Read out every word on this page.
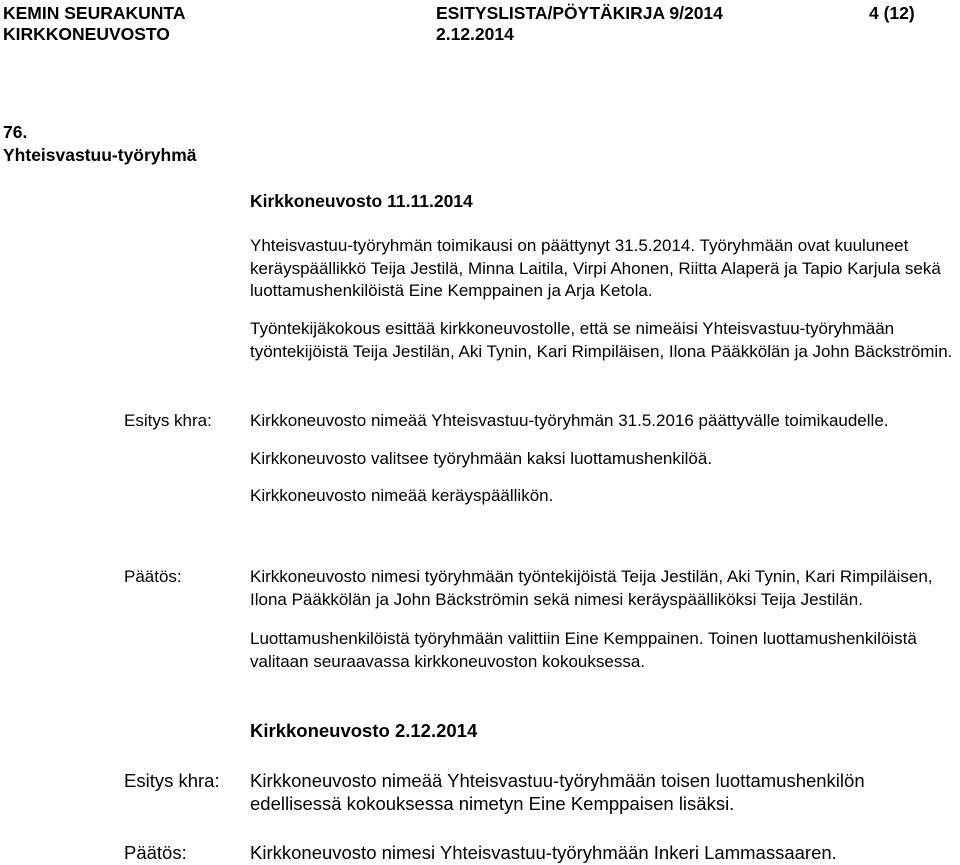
KEMIN SEURAKUNTA
KIRKKONEUVOSTO
ESITYSLISTA/PÖYTÄKIRJA 9/2014
2.12.2014
4 (12)
76.
Yhteisvastuu-työryhmä
Kirkkoneuvosto 11.11.2014

Yhteisvastuu-työryhmän toimikausi on päättynyt 31.5.2014. Työryhmään ovat kuuluneet keräyspäällikkö Teija Jestilä, Minna Laitila, Virpi Ahonen, Riitta Alaperä ja Tapio Karjula sekä luottamushenkilöistä Eine Kemppainen ja Arja Ketola.

Työntekijäkokous esittää kirkkoneuvostolle, että se nimeäisi Yhteisvastuu-työryhmään työntekijöistä Teija Jestilän, Aki Tynin, Kari Rimpiläisen, Ilona Pääkkölän ja John Bäckströmin.

Esitys khra: Kirkkoneuvosto nimeää Yhteisvastuu-työryhmän 31.5.2016 päättyvälle toimikaudelle.

Kirkkoneuvosto valitsee työryhmään kaksi luottamushenkilöä.

Kirkkoneuvosto nimeää keräyspäällikön.

Päätös:	Kirkkoneuvosto nimesi työryhmään työntekijöistä Teija Jestilän, Aki Tynin, Kari Rimpiläisen, Ilona Pääkkölän ja John Bäckströmin sekä nimesi keräyspäälliköksi Teija Jestilän.

Luottamushenkilöistä työryhmään valittiin Eine Kemppainen. Toinen luottamushenkilöistä valitaan seuraavassa kirkkoneuvoston kokouksessa.

Kirkkoneuvosto 2.12.2014
Esitys khra: Kirkkoneuvosto nimeää Yhteisvastuu-työryhmään toisen luottamushenkilön edellisessä kokouksessa nimetyn Eine Kemppaisen lisäksi.

Päätös:	Kirkkoneuvosto nimesi Yhteisvastuu-työryhmään Inkeri Lammassaaren.
